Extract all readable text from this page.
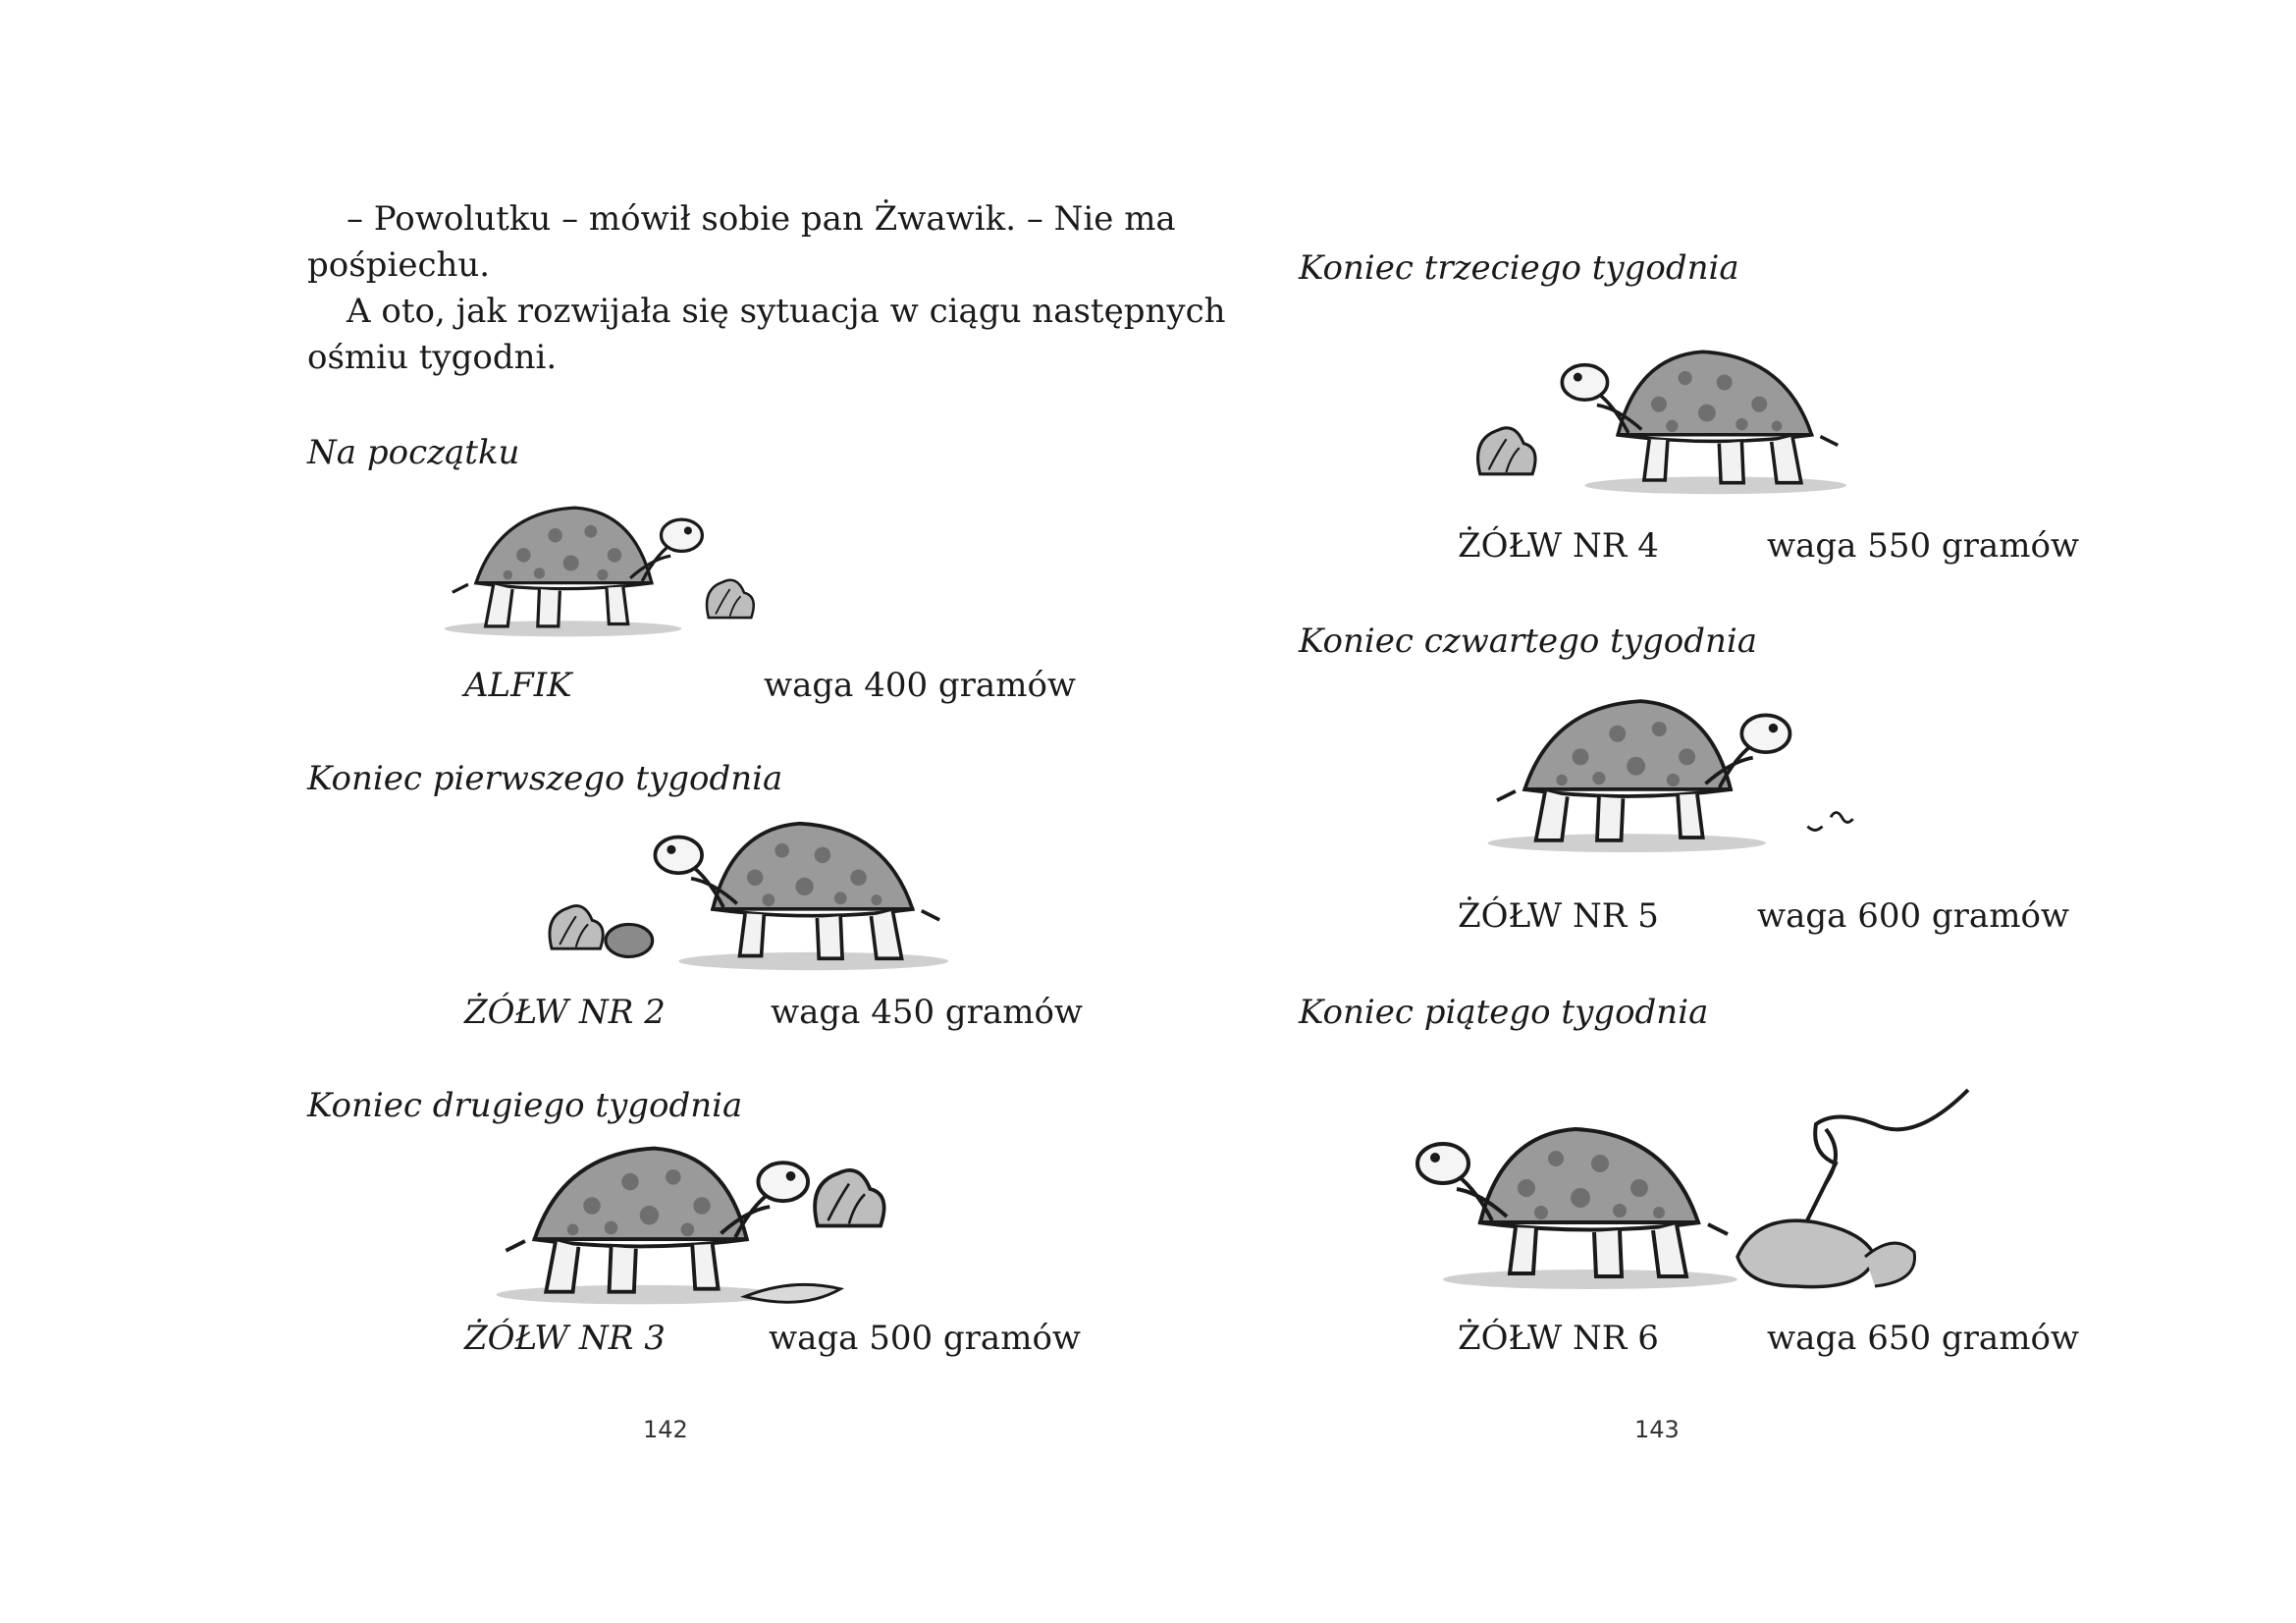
– Powolutku – mówił sobie pan Żwawik. – Nie ma
pośpiechu.
A oto, jak rozwijała się sytuacja w ciągu następnych
ośmiu tygodni.
Na początku
ALFIK	waga 400 gramów
Koniec pierwszego tygodnia
ŻÓŁW NR 2	waga 450 gramów
Koniec drugiego tygodnia
ŻÓŁW NR 3	waga 500 gramów
142
Koniec trzeciego tygodnia
ŻÓŁW NR 4	waga 550 gramów
Koniec czwartego tygodnia
ŻÓŁW NR 5	waga 600 gramów
Koniec piątego tygodnia
ŻÓŁW NR 6	waga 650 gramów
143
